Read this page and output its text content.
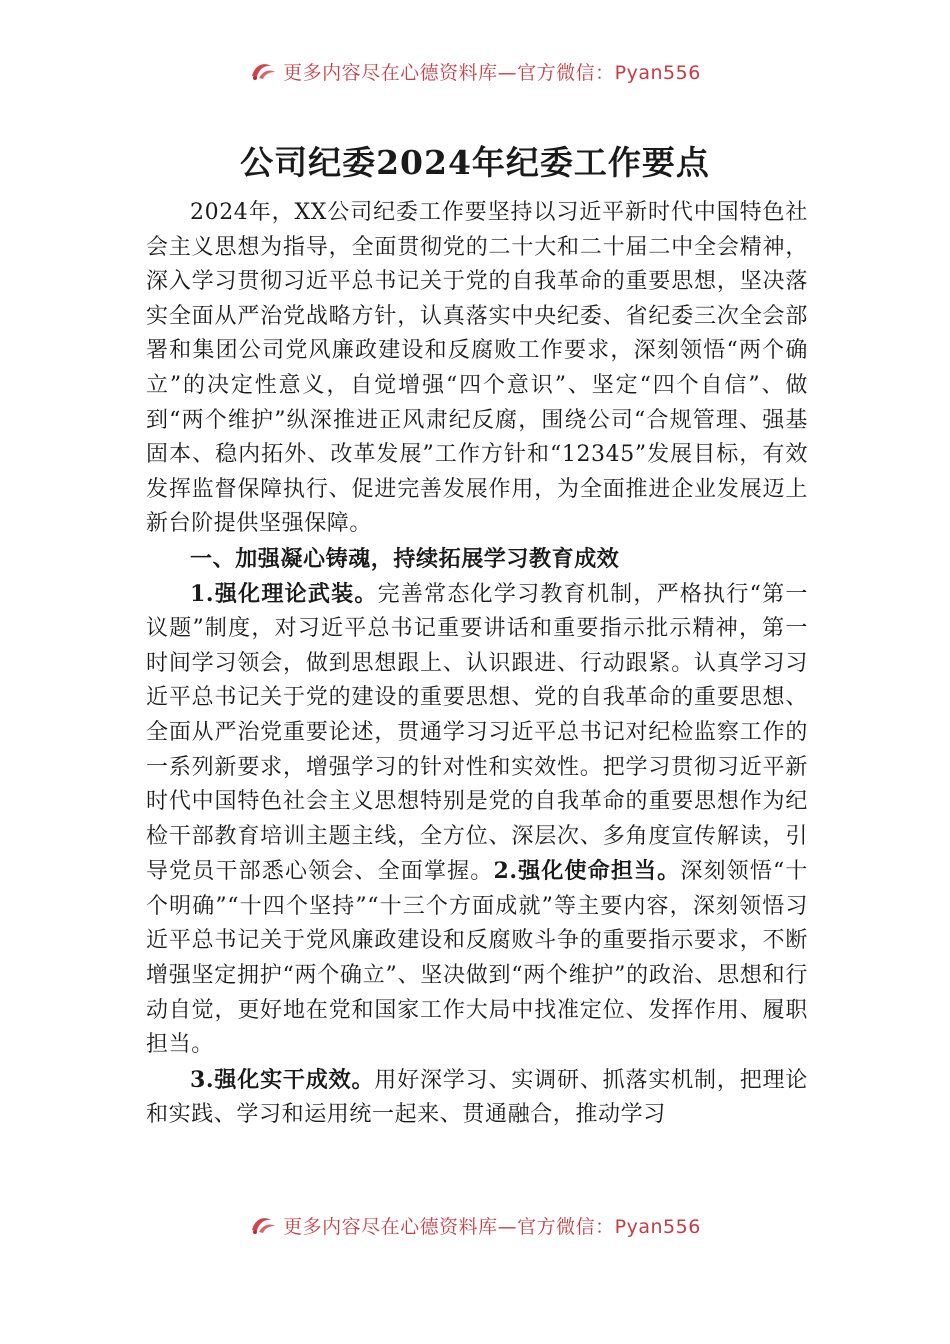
更多内容尽在心德资料库—官方微信：Pyan556
公司纪委2024年纪委工作要点

2024年，XX公司纪委工作要坚持以习近平新时代中国特色社会主义思想为指导，全面贯彻党的二十大和二十届二中全会精神，深入学习贯彻习近平总书记关于党的自我革命的重要思想，坚决落实全面从严治党战略方针，认真落实中央纪委、省纪委三次全会部署和集团公司党风廉政建设和反腐败工作要求，深刻领悟“两个确立”的决定性意义，自觉增强“四个意识”、坚定“四个自信”、做到“两个维护”纵深推进正风肃纪反腐，围绕公司“合规管理、强基固本、稳内拓外、改革发展”工作方针和“12345”发展目标，有效发挥监督保障执行、促进完善发展作用，为全面推进企业发展迈上新台阶提供坚强保障。

一、加强凝心铸魂，持续拓展学习教育成效

1.强化理论武装。完善常态化学习教育机制，严格执行“第一议题”制度，对习近平总书记重要讲话和重要指示批示精神，第一时间学习领会，做到思想跟上、认识跟进、行动跟紧。认真学习习近平总书记关于党的建设的重要思想、党的自我革命的重要思想、全面从严治党重要论述，贯通学习习近平总书记对纪检监察工作的一系列新要求，增强学习的针对性和实效性。把学习贯彻习近平新时代中国特色社会主义思想特别是党的自我革命的重要思想作为纪检干部教育培训主题主线，全方位、深层次、多角度宣传解读，引导党员干部悉心领会、全面掌握。2.强化使命担当。深刻领悟“十个明确”“十四个坚持”“十三个方面成就”等主要内容，深刻领悟习近平总书记关于党风廉政建设和反腐败斗争的重要指示要求，不断增强坚定拥护“两个确立”、坚决做到“两个维护”的政治、思想和行动自觉，更好地在党和国家工作大局中找准定位、发挥作用、履职担当。

3.强化实干成效。用好深学习、实调研、抓落实机制，把理论和实践、学习和运用统一起来、贯通融合，推动学习

更多内容尽在心德资料库—官方微信：Pyan556
